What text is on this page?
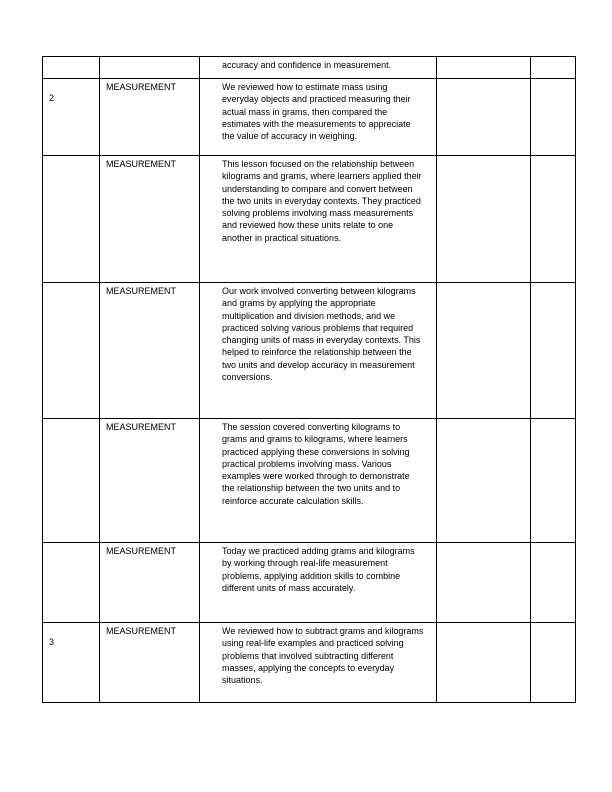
		accuracy and confidence in measurement.		

2	MEASUREMENT	We reviewed how to estimate mass using everyday objects and practiced measuring their actual mass in grams, then compared the estimates with the measurements to appreciate the value of accuracy in weighing.		

	MEASUREMENT	This lesson focused on the relationship between kilograms and grams, where learners applied their understanding to compare and convert between the two units in everyday contexts. They practiced solving problems involving mass measurements and reviewed how these units relate to one another in practical situations.		

	MEASUREMENT	Our work involved converting between kilograms and grams by applying the appropriate multiplication and division methods, and we practiced solving various problems that required changing units of mass in everyday contexts. This helped to reinforce the relationship between the two units and develop accuracy in measurement conversions.		

	MEASUREMENT	The session covered converting kilograms to grams and grams to kilograms, where learners practiced applying these conversions in solving practical problems involving mass. Various examples were worked through to demonstrate the relationship between the two units and to reinforce accurate calculation skills.		

	MEASUREMENT	Today we practiced adding grams and kilograms by working through real-life measurement problems, applying addition skills to combine different units of mass accurately.		

3	MEASUREMENT	We reviewed how to subtract grams and kilograms using real-life examples and practiced solving problems that involved subtracting different masses, applying the concepts to everyday situations.		
